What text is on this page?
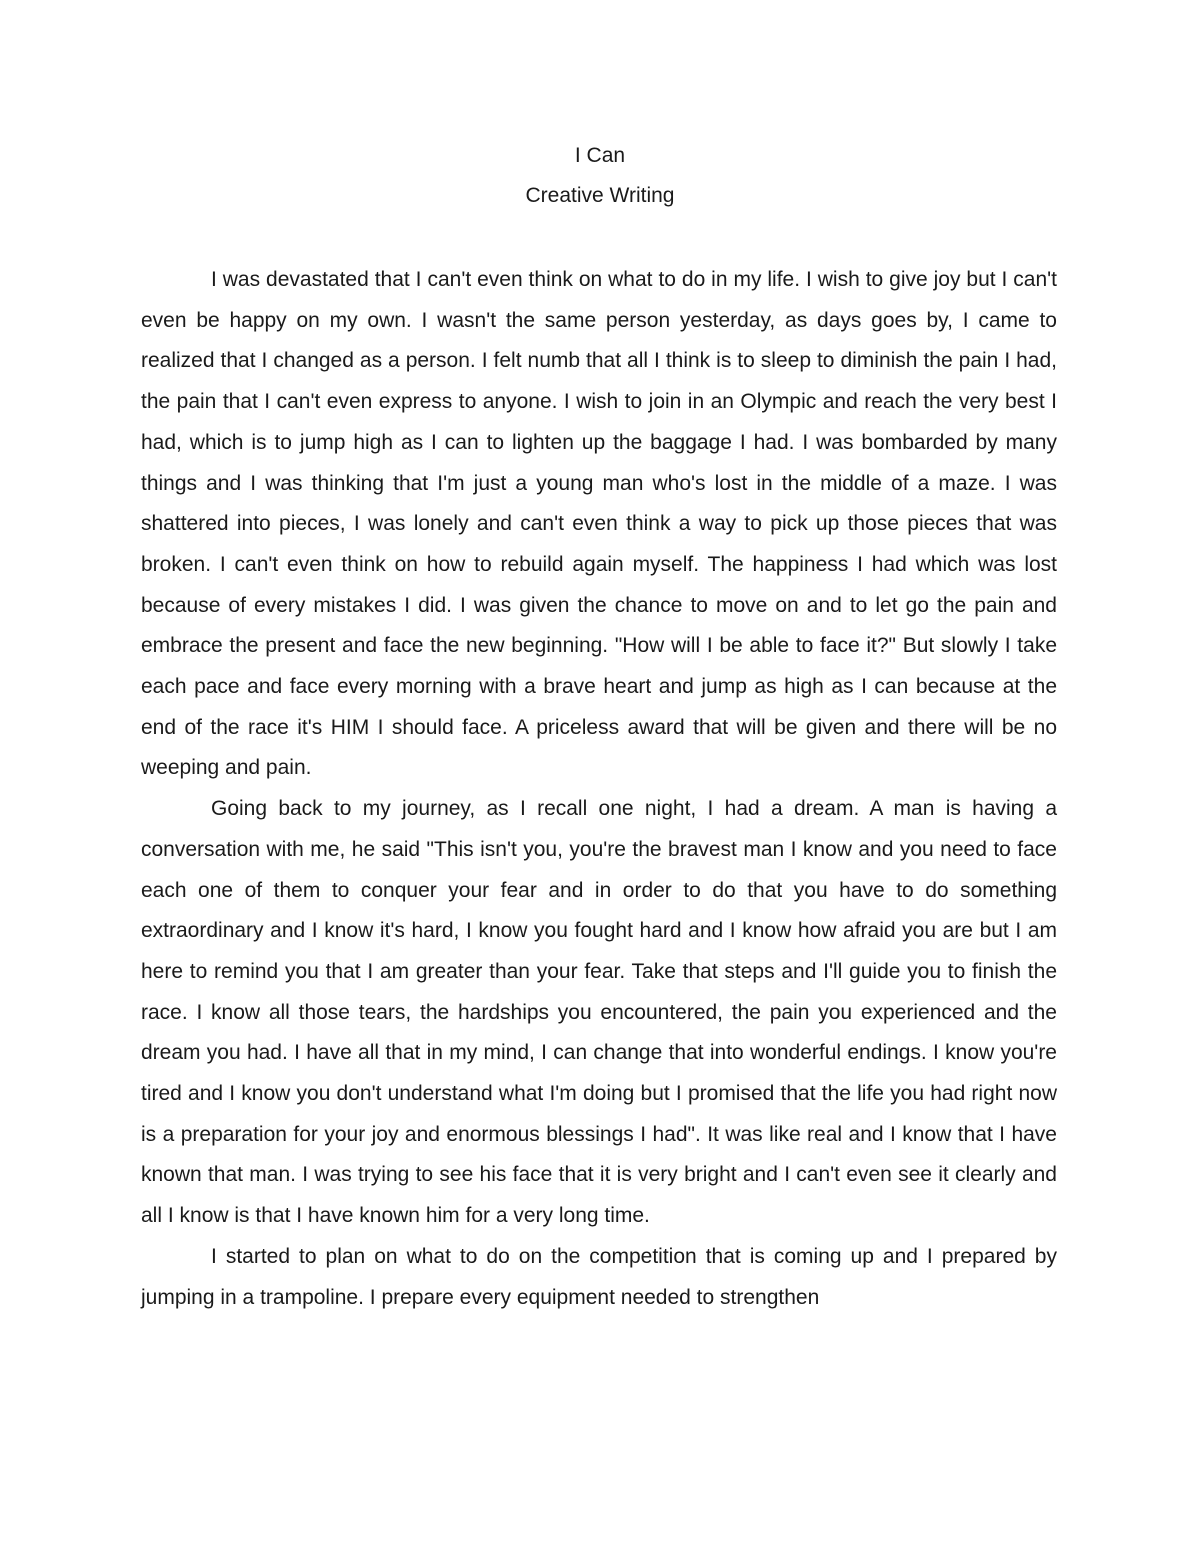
I Can
Creative Writing

I was devastated that I can't even think on what to do in my life. I wish to give joy but I can't even be happy on my own. I wasn't the same person yesterday, as days goes by, I came to realized that I changed as a person. I felt numb that all I think is to sleep to diminish the pain I had, the pain that I can't even express to anyone. I wish to join in an Olympic and reach the very best I had, which is to jump high as I can to lighten up the baggage I had. I was bombarded by many things and I was thinking that I'm just a young man who's lost in the middle of a maze. I was shattered into pieces, I was lonely and can't even think a way to pick up those pieces that was broken. I can't even think on how to rebuild again myself. The happiness I had which was lost because of every mistakes I did. I was given the chance to move on and to let go the pain and embrace the present and face the new beginning. "How will I be able to face it?" But slowly I take each pace and face every morning with a brave heart and jump as high as I can because at the end of the race it's HIM I should face. A priceless award that will be given and there will be no weeping and pain.

Going back to my journey, as I recall one night, I had a dream. A man is having a conversation with me, he said "This isn't you, you're the bravest man I know and you need to face each one of them to conquer your fear and in order to do that you have to do something extraordinary and I know it's hard, I know you fought hard and I know how afraid you are but I am here to remind you that I am greater than your fear. Take that steps and I'll guide you to finish the race. I know all those tears, the hardships you encountered, the pain you experienced and the dream you had. I have all that in my mind, I can change that into wonderful endings. I know you're tired and I know you don't understand what I'm doing but I promised that the life you had right now is a preparation for your joy and enormous blessings I had". It was like real and I know that I have known that man. I was trying to see his face that it is very bright and I can't even see it clearly and all I know is that I have known him for a very long time.

I started to plan on what to do on the competition that is coming up and I prepared by jumping in a trampoline. I prepare every equipment needed to strengthen
